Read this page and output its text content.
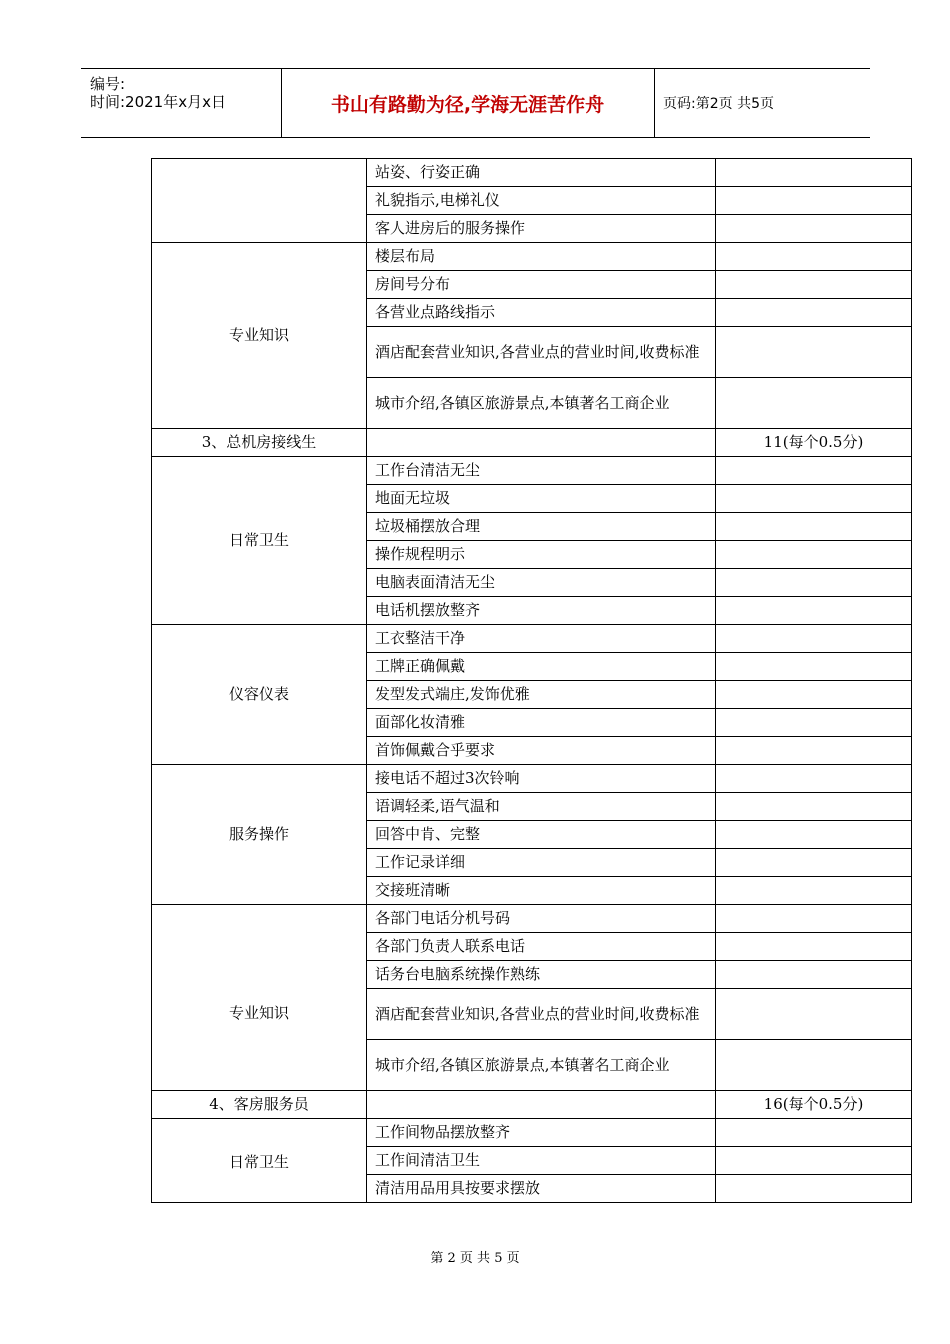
编号:
时间:2021年x月x日	书山有路勤为径,学海无涯苦作舟	页码:第2页 共5页
	站姿、行姿正确	
	礼貌指示,电梯礼仪	
	客人进房后的服务操作	
专业知识	楼层布局	
	房间号分布	
	各营业点路线指示	
	酒店配套营业知识,各营业点的营业时间,收费标准	
	城市介绍,各镇区旅游景点,本镇著名工商企业	
3、总机房接线生		11(每个0.5分)
日常卫生	工作台清洁无尘	
	地面无垃圾	
	垃圾桶摆放合理	
	操作规程明示	
	电脑表面清洁无尘	
	电话机摆放整齐	
仪容仪表	工衣整洁干净	
	工牌正确佩戴	
	发型发式端庄,发饰优雅	
	面部化妆清雅	
	首饰佩戴合乎要求	
服务操作	接电话不超过3次铃响	
	语调轻柔,语气温和	
	回答中肯、完整	
	工作记录详细	
	交接班清晰	
专业知识	各部门电话分机号码	
	各部门负责人联系电话	
	话务台电脑系统操作熟练	
	酒店配套营业知识,各营业点的营业时间,收费标准	
	城市介绍,各镇区旅游景点,本镇著名工商企业	
4、客房服务员		16(每个0.5分)
日常卫生	工作间物品摆放整齐	
	工作间清洁卫生	
	清洁用品用具按要求摆放	
第 2 页 共 5 页
